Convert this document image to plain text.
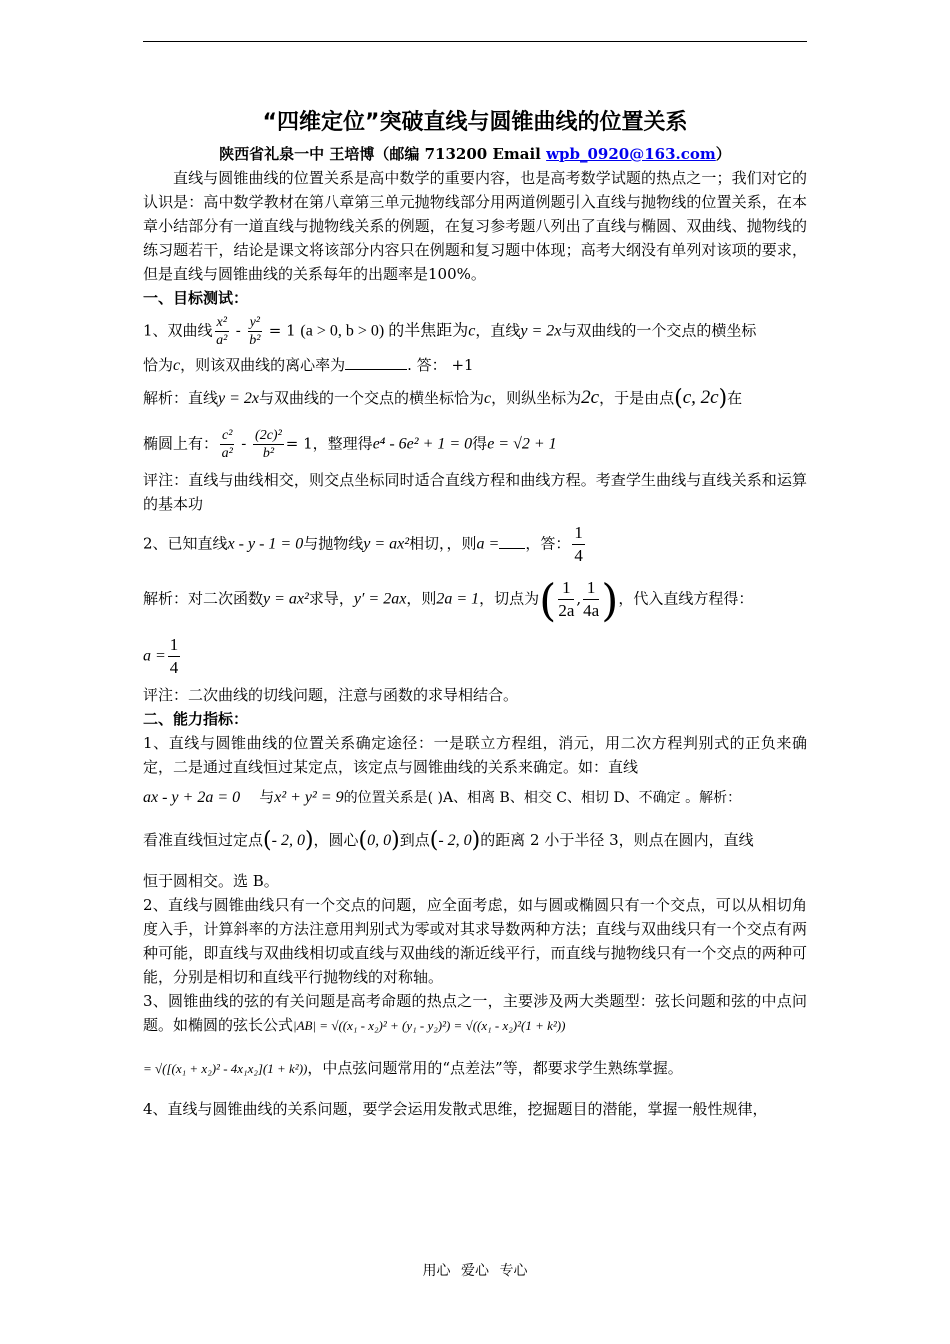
“四维定位”突破直线与圆锥曲线的位置关系
陕西省礼泉一中 王培博（邮编 713200 Email wpb_0920@163.com）

直线与圆锥曲线的位置关系是高中数学的重要内容，也是高考数学试题的热点之一；我们对它的认识是：高中数学教材在第八章第三单元抛物线部分用两道例题引入直线与抛物线的位置关系，在本章小结部分有一道直线与抛物线关系的例题，在复习参考题八列出了直线与椭圆、双曲线、抛物线的练习题若干，结论是课文将该部分内容只在例题和复习题中体现；高考大纲没有单列对该项的要求，但是直线与圆锥曲线的关系每年的出题率是100%。

一、目标测试：

1、双曲线 $\frac{\text{x²}}{\text{a²}} - \frac{\text{y²}}{\text{b²}} = 1$ (a > 0, b > 0) 的半焦距为c，直线y = 2x与双曲线的一个交点的横坐标

恰为c，则该双曲线的离心率为	. 答： +1

解析：直线y = 2x与双曲线的一个交点的横坐标恰为c，则纵坐标为2c，于是由点(c, 2c)在

椭圆上有： $\frac{\text{c²}}{\text{a²}} - \frac{\text{(2c)²}}{\text{b²}} = 1$，整理得e⁴ - 6e² + 1 = 0得e = √2 + 1

评注：直线与曲线相交，则交点坐标同时适合直线方程和曲线方程。考查学生曲线与直线关系和运算的基本功

2、已知直线x - y - 1 = 0与抛物线y = ax²相切，，则a = ，答： $\frac{1}{4}$

解析：对二次函数y = ax²求导，y′ = 2ax，则2a = 1，切点为( $\frac{1}{2a}$ , $\frac{1}{4a}$ )，代入直线方程得：

$a = \frac{1}{4}$

评注：二次曲线的切线问题，注意与函数的求导相结合。

二、能力指标：

1、直线与圆锥曲线的位置关系确定途径：一是联立方程组，消元，用二次方程判别式的正负来确定，二是通过直线恒过某定点，该定点与圆锥曲线的关系来确定。如：直线

ax - y + 2a = 0 与x² + y² = 9的位置关系是( )A、相离 B、相交 C、相切 D、不确定 。解析：

看准直线恒过定点(- 2, 0)，圆心(0, 0)到点(- 2, 0)的距离 2 小于半径 3，则点在圆内，直线

恒于圆相交。选 B。

2、直线与圆锥曲线只有一个交点的问题，应全面考虑，如与圆或椭圆只有一个交点，可以从相切角度入手，计算斜率的方法注意用判别式为零或对其求导数两种方法；直线与双曲线只有一个交点有两种可能，即直线与双曲线相切或直线与双曲线的渐近线平行，而直线与抛物线只有一个交点的两种可能，分别是相切和直线平行抛物线的对称轴。

3、圆锥曲线的弦的有关问题是高考命题的热点之一，主要涉及两大类题型：弦长问题和弦的中点问题。如椭圆的弦长公式|AB| = √((x₁ - x₂)² + (y₁ - y₂)²) = √((x₁ - x₂)²(1 + k²))

= √([(x₁ + x₂)² - 4x₁x₂](1 + k²))，中点弦问题常用的“点差法”等，都要求学生熟练掌握。

4、直线与圆锥曲线的关系问题，要学会运用发散式思维，挖掘题目的潜能，掌握一般性规律，

用心 爱心 专心
